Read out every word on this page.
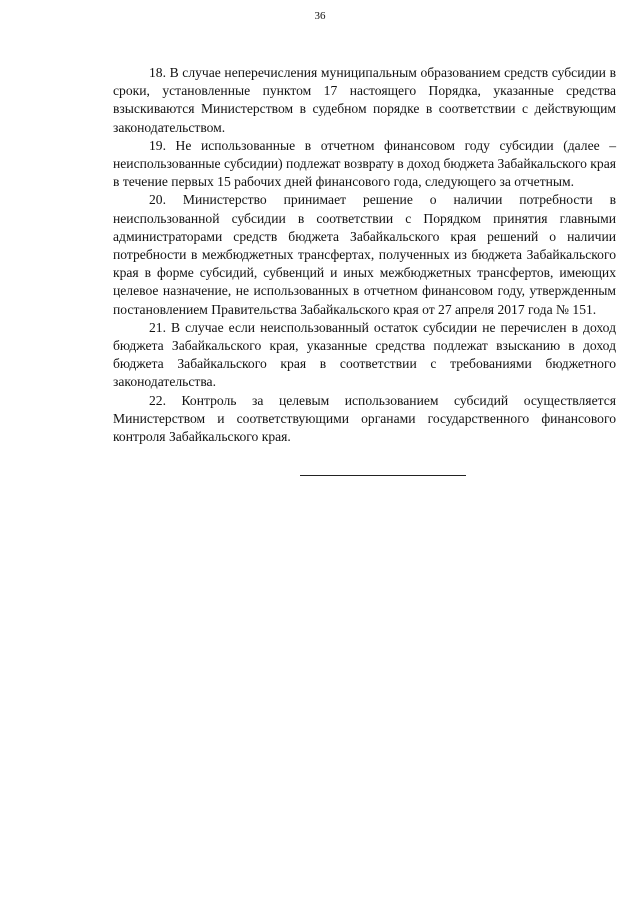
36

18. В случае неперечисления муниципальным образованием средств субсидии в сроки, установленные пунктом 17 настоящего Порядка, указанные средства взыскиваются Министерством в судебном порядке в соответствии с действующим законодательством.

19. Не использованные в отчетном финансовом году субсидии (далее – неиспользованные субсидии) подлежат возврату в доход бюджета Забайкальского края в течение первых 15 рабочих дней финансового года, следующего за отчетным.

20. Министерство принимает решение о наличии потребности в неиспользованной субсидии в соответствии с Порядком принятия главными администраторами средств бюджета Забайкальского края решений о наличии потребности в межбюджетных трансфертах, полученных из бюджета Забайкальского края в форме субсидий, субвенций и иных межбюджетных трансфертов, имеющих целевое назначение, не использованных в отчетном финансовом году, утвержденным постановлением Правительства Забайкальского края от 27 апреля 2017 года № 151.

21. В случае если неиспользованный остаток субсидии не перечислен в доход бюджета Забайкальского края, указанные средства подлежат взысканию в доход бюджета Забайкальского края в соответствии с требованиями бюджетного законодательства.

22. Контроль за целевым использованием субсидий осуществляется Министерством и соответствующими органами государственного финансового контроля Забайкальского края.
